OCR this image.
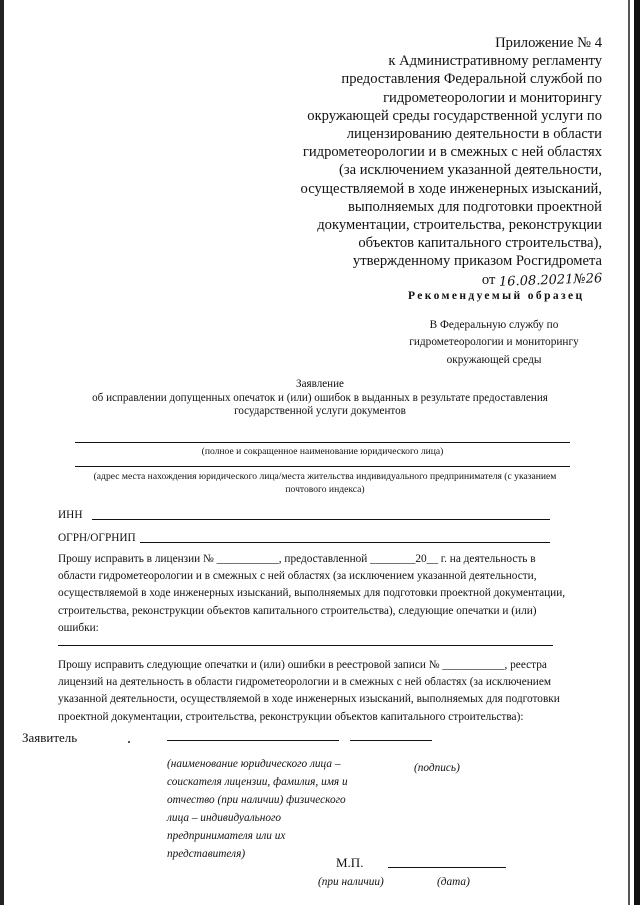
Приложение № 4
к Административному регламенту
предоставления Федеральной службой по
гидрометеорологии и мониторингу
окружающей среды государственной услуги по
лицензированию деятельности в области
гидрометеорологии и в смежных с ней областях
(за исключением указанной деятельности,
осуществляемой в ходе инженерных изысканий,
выполняемых для подготовки проектной
документации, строительства, реконструкции
объектов капитального строительства),
утвержденному приказом Росгидромета
от 16.08.2021№267
Рекомендуемый образец
В Федеральную службу по
гидрометеорологии и мониторингу
окружающей среды
Заявление
об исправлении допущенных опечаток и (или) ошибок в выданных в результате предоставления
государственной услуги документов
(полное и сокращенное наименование юридического лица)
(адрес места нахождения юридического лица/места жительства индивидуального предпринимателя (с указанием
почтового индекса)
ИНН
ОГРН/ОГРНИП
Прошу исправить в лицензии № ___________, предоставленной ________20__ г. на деятельность в
области гидрометеорологии и в смежных с ней областях (за исключением указанной деятельности,
осуществляемой в ходе инженерных изысканий, выполняемых для подготовки проектной документации,
строительства, реконструкции объектов капитального строительства), следующие опечатки и (или)
ошибки:
Прошу исправить следующие опечатки и (или) ошибки в реестровой записи № ___________, реестра
лицензий на деятельность в области гидрометеорологии и в смежных с ней областях (за исключением
указанной деятельности, осуществляемой в ходе инженерных изысканий, выполняемых для подготовки
проектной документации, строительства, реконструкции объектов капитального строительства):
Заявитель
(наименование юридического лица –
соискателя лицензии, фамилия, имя и
отчество (при наличии) физического
лица – индивидуального
предпринимателя или их
представителя)
(подпись)
М.П.
(при наличии)	(дата)
